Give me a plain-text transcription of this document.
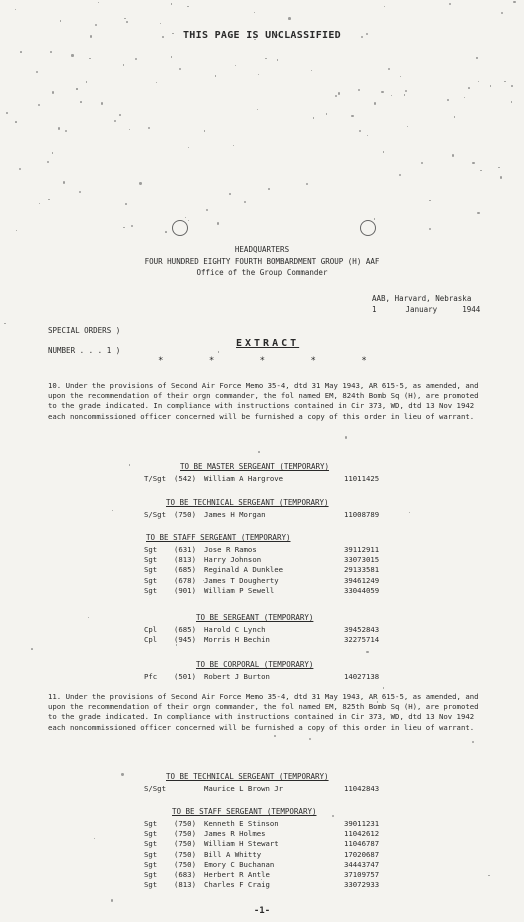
THIS PAGE IS UNCLASSIFIED
HEADQUARTERS
FOUR HUNDRED EIGHTY FOURTH BOMBARDMENT GROUP (H) AAF
Office of the Group Commander
AAB, Harvard, Nebraska
1	January	1944
SPECIAL ORDERS )
NUMBER . . . 1 )
EXTRACT
* * * * *
10. Under the provisions of Second Air Force Memo 35-4, dtd 31 May 1943, AR 615-5, as amended, and upon the recommendation of their orgn commander, the fol named EM, 824th Bomb Sq (H), are promoted to the grade indicated. In compliance with instructions contained in Cir 373, WD, dtd 13 Nov 1942 each noncommissioned officer concerned will be furnished a copy of this order in lieu of warrant.
TO BE MASTER SERGEANT (TEMPORARY)
T/Sgt (542) William A Hargrove	11011425
TO BE TECHNICAL SERGEANT (TEMPORARY)
S/Sgt (750) James H Morgan	11008789
TO BE STAFF SERGEANT (TEMPORARY)
Sgt (631) Jose R Ramos	39112911
Sgt (813) Harry Johnson	33073015
Sgt (685) Reginald A Dunklee	29133581
Sgt (678) James T Dougherty	39461249
Sgt (901) William P Sewell	33044059
TO BE SERGEANT (TEMPORARY)
Cpl (685) Harold C Lynch	39452843
Cpl (945) Morris H Bechin	32275714
TO BE CORPORAL (TEMPORARY)
Pfc (501) Robert J Burton	14027138
11. Under the provisions of Second Air Force Memo 35-4, dtd 31 May 1943, AR 615-5, as amended, and upon the recommendation of their orgn commander, the fol named EM, 825th Bomb Sq (H), are promoted to the grade indicated. In compliance with instructions contained in Cir 373, WD, dtd 13 Nov 1942 each noncommissioned officer concerned will be furnished a copy of this order in lieu of warrant.
TO BE TECHNICAL SERGEANT (TEMPORARY)
S/Sgt	Maurice L Brown Jr	11042843
TO BE STAFF SERGEANT (TEMPORARY)
Sgt (750) Kenneth E Stinson	39011231
Sgt (750) James R Holmes	11042612
Sgt (750) William H Stewart	11046787
Sgt (750) Bill A Whitty	17020687
Sgt (750) Emory C Buchanan	34443747
Sgt (683) Herbert R Antle	37109757
Sgt (813) Charles F Craig	33072933
-1-
